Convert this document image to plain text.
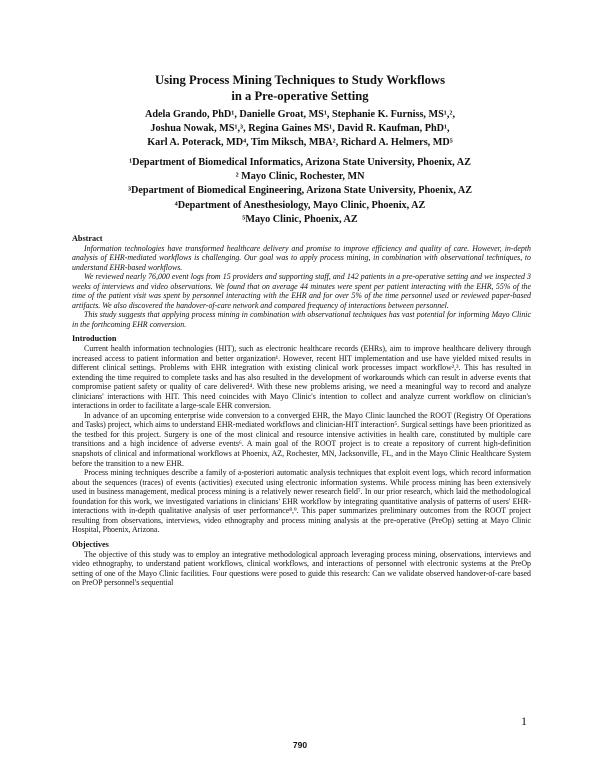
Using Process Mining Techniques to Study Workflows
in a Pre-operative Setting
Adela Grando, PhD¹, Danielle Groat, MS¹, Stephanie K. Furniss, MS¹,²,
Joshua Nowak, MS¹,³, Regina Gaines MS¹, David R. Kaufman, PhD¹,
Karl A. Poterack, MD⁴, Tim Miksch, MBA², Richard A. Helmers, MD⁵
¹Department of Biomedical Informatics, Arizona State University, Phoenix, AZ
² Mayo Clinic, Rochester, MN
³Department of Biomedical Engineering, Arizona State University, Phoenix, AZ
⁴Department of Anesthesiology, Mayo Clinic, Phoenix, AZ
⁵Mayo Clinic, Phoenix, AZ

Abstract

Information technologies have transformed healthcare delivery and promise to improve efficiency and quality of care. However, in-depth analysis of EHR-mediated workflows is challenging. Our goal was to apply process mining, in combination with observational techniques, to understand EHR-based workflows.

We reviewed nearly 76,000 event logs from 15 providers and supporting staff, and 142 patients in a pre-operative setting and we inspected 3 weeks of interviews and video observations. We found that on average 44 minutes were spent per patient interacting with the EHR, 55% of the time of the patient visit was spent by personnel interacting with the EHR and for over 5% of the time personnel used or reviewed paper-based artifacts. We also discovered the handover-of-care network and compared frequency of interactions between personnel.

This study suggests that applying process mining in combination with observational techniques has vast potential for informing Mayo Clinic in the forthcoming EHR conversion.

Introduction

Current health information technologies (HIT), such as electronic healthcare records (EHRs), aim to improve healthcare delivery through increased access to patient information and better organization¹. However, recent HIT implementation and use have yielded mixed results in different clinical settings. Problems with EHR integration with existing clinical work processes impact workflow²,³. This has resulted in extending the time required to complete tasks and has also resulted in the development of workarounds which can result in adverse events that compromise patient safety or quality of care delivered⁴. With these new problems arising, we need a meaningful way to record and analyze clinicians' interactions with HIT. This need coincides with Mayo Clinic's intention to collect and analyze current workflow on clinician's interactions in order to facilitate a large-scale EHR conversion.

In advance of an upcoming enterprise wide conversion to a converged EHR, the Mayo Clinic launched the ROOT (Registry Of Operations and Tasks) project, which aims to understand EHR-mediated workflows and clinician-HIT interaction⁵. Surgical settings have been prioritized as the testbed for this project. Surgery is one of the most clinical and resource intensive activities in health care, constituted by multiple care transitions and a high incidence of adverse events⁶. A main goal of the ROOT project is to create a repository of current high-definition snapshots of clinical and informational workflows at Phoenix, AZ, Rochester, MN, Jacksonville, FL, and in the Mayo Clinic Healthcare System before the transition to a new EHR.

Process mining techniques describe a family of a-posteriori automatic analysis techniques that exploit event logs, which record information about the sequences (traces) of events (activities) executed using electronic information systems. While process mining has been extensively used in business management, medical process mining is a relatively newer research field⁷. In our prior research, which laid the methodological foundation for this work, we investigated variations in clinicians' EHR workflow by integrating quantitative analysis of patterns of users' EHR-interactions with in-depth qualitative analysis of user performance⁸,⁹. This paper summarizes preliminary outcomes from the ROOT project resulting from observations, interviews, video ethnography and process mining analysis at the pre-operative (PreOp) setting at Mayo Clinic Hospital, Phoenix, Arizona.

Objectives

The objective of this study was to employ an integrative methodological approach leveraging process mining, observations, interviews and video ethnography, to understand patient workflows, clinical workflows, and interactions of personnel with electronic systems at the PreOp setting of one of the Mayo Clinic facilities. Four questions were posed to guide this research: Can we validate observed handover-of-care based on PreOP personnel's sequential

1
790
